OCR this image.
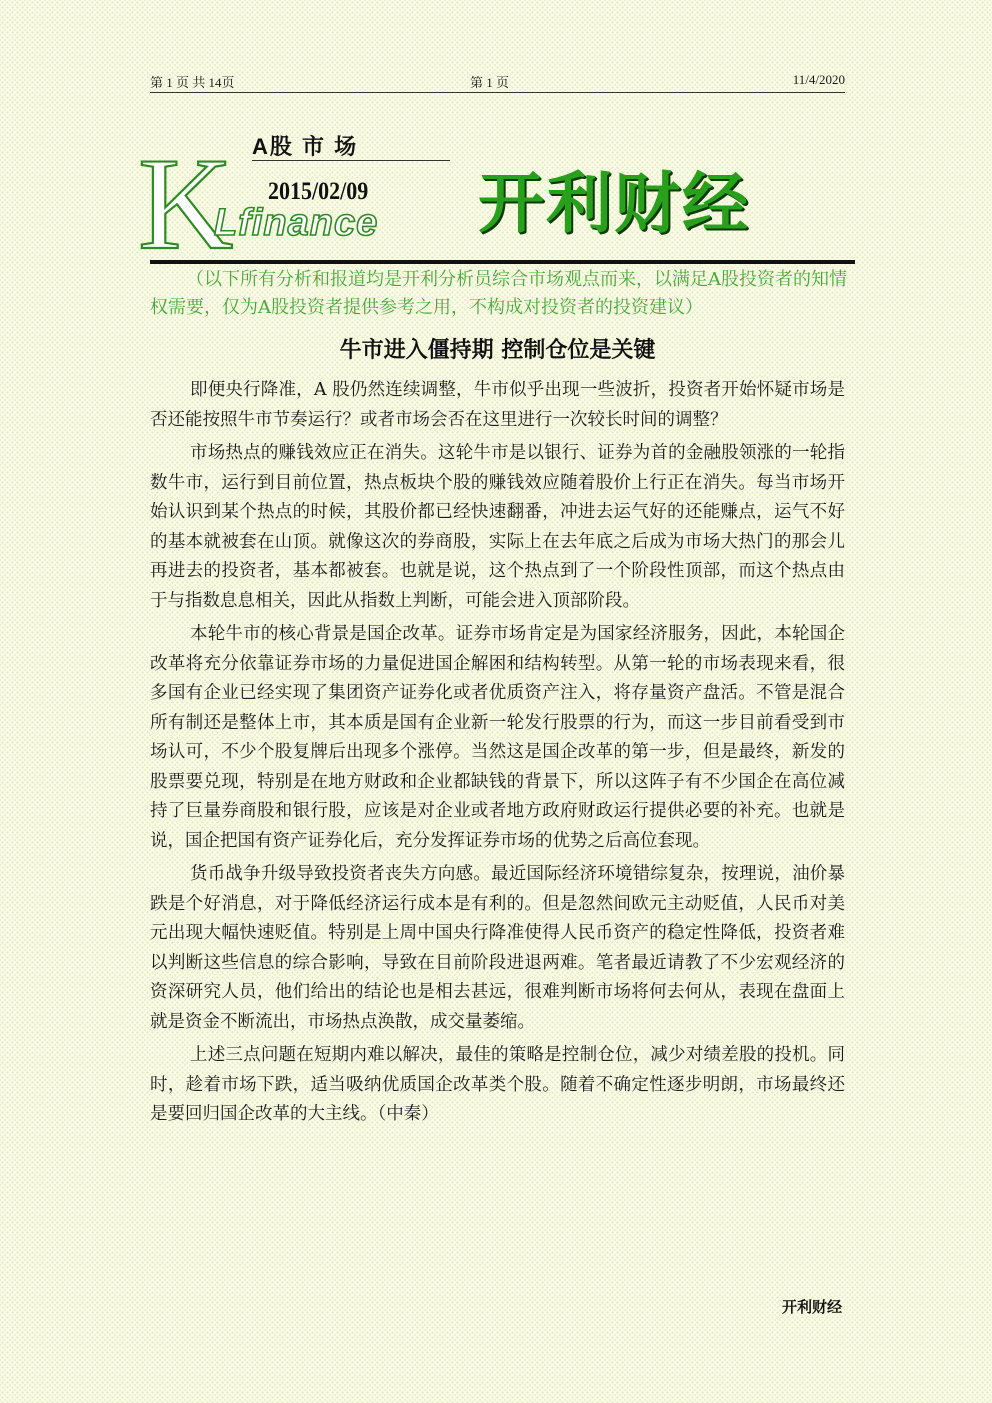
第 1 页 共 14页	第 1 页	11/4/2020
K A股 市 场
2015/02/09
Lfinance 开利财经

（以下所有分析和报道均是开利分析员综合市场观点而来，以满足A股投资者的知情权需要，仅为A股投资者提供参考之用，不构成对投资者的投资建议）

牛市进入僵持期 控制仓位是关键

即便央行降准，A 股仍然连续调整，牛市似乎出现一些波折，投资者开始怀疑市场是否还能按照牛市节奏运行？或者市场会否在这里进行一次较长时间的调整？

市场热点的赚钱效应正在消失。这轮牛市是以银行、证券为首的金融股领涨的一轮指数牛市，运行到目前位置，热点板块个股的赚钱效应随着股价上行正在消失。每当市场开始认识到某个热点的时候，其股价都已经快速翻番，冲进去运气好的还能赚点，运气不好的基本就被套在山顶。就像这次的券商股，实际上在去年底之后成为市场大热门的那会儿再进去的投资者，基本都被套。也就是说，这个热点到了一个阶段性顶部，而这个热点由于与指数息息相关，因此从指数上判断，可能会进入顶部阶段。

本轮牛市的核心背景是国企改革。证券市场肯定是为国家经济服务，因此，本轮国企改革将充分依靠证券市场的力量促进国企解困和结构转型。从第一轮的市场表现来看，很多国有企业已经实现了集团资产证券化或者优质资产注入，将存量资产盘活。不管是混合所有制还是整体上市，其本质是国有企业新一轮发行股票的行为，而这一步目前看受到市场认可，不少个股复牌后出现多个涨停。当然这是国企改革的第一步，但是最终，新发的股票要兑现，特别是在地方财政和企业都缺钱的背景下，所以这阵子有不少国企在高位减持了巨量券商股和银行股，应该是对企业或者地方政府财政运行提供必要的补充。也就是说，国企把国有资产证券化后，充分发挥证券市场的优势之后高位套现。

货币战争升级导致投资者丧失方向感。最近国际经济环境错综复杂，按理说，油价暴跌是个好消息，对于降低经济运行成本是有利的。但是忽然间欧元主动贬值，人民币对美元出现大幅快速贬值。特别是上周中国央行降准使得人民币资产的稳定性降低，投资者难以判断这些信息的综合影响，导致在目前阶段进退两难。笔者最近请教了不少宏观经济的资深研究人员，他们给出的结论也是相去甚远，很难判断市场将何去何从，表现在盘面上就是资金不断流出，市场热点涣散，成交量萎缩。

上述三点问题在短期内难以解决，最佳的策略是控制仓位，减少对绩差股的投机。同时，趁着市场下跌，适当吸纳优质国企改革类个股。随着不确定性逐步明朗，市场最终还是要回归国企改革的大主线。（中秦）

开利财经
